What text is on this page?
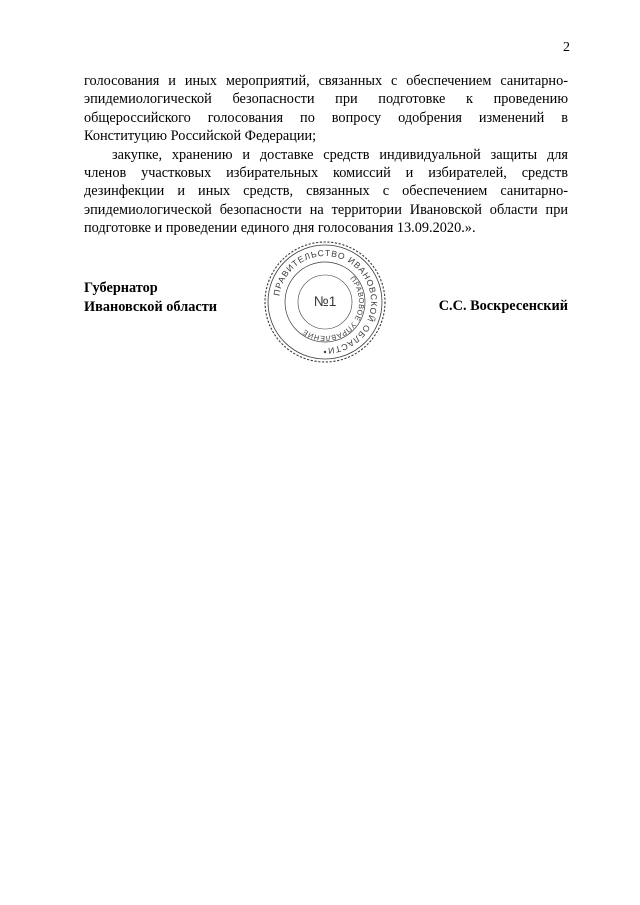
2

голосования и иных мероприятий, связанных с обеспечением санитарно-эпидемиологической безопасности при подготовке к проведению общероссийского голосования по вопросу одобрения изменений в Конституцию Российской Федерации;

закупке, хранению и доставке средств индивидуальной защиты для членов участковых избирательных комиссий и избирателей, средств дезинфекции и иных средств, связанных с обеспечением санитарно-эпидемиологической безопасности на территории Ивановской области при подготовке и проведении единого дня голосования 13.09.2020.».

Губернатор
Ивановской области
ПРАВИТЕЛЬСТВО ИВАНОВСКОЙ ОБЛАСТИ
ПРАВОВОЕ УПРАВЛЕНИЕ
№1	С.С. Воскресенский
